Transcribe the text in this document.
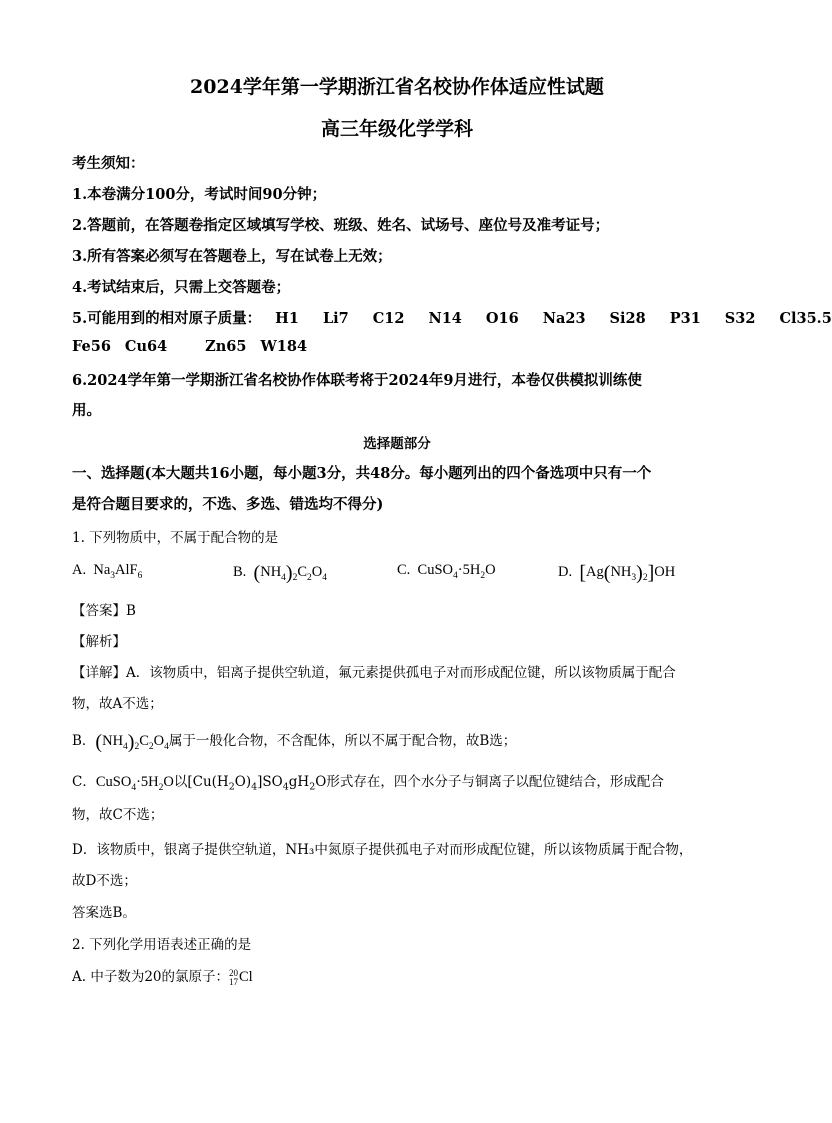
2024学年第一学期浙江省名校协作体适应性试题
高三年级化学学科
考生须知：
1.本卷满分100分，考试时间90分钟；
2.答题前，在答题卷指定区域填写学校、班级、姓名、试场号、座位号及准考证号；
3.所有答案必须写在答题卷上，写在试卷上无效；
4.考试结束后，只需上交答题卷；
5.可能用到的相对原子质量： H1 Li7 C12 N14 O16 Na23 Si28 P31 S32 Cl35.5
Fe56 Cu64	Zn65 W184
6.2024学年第一学期浙江省名校协作体联考将于2024年9月进行，本卷仅供模拟训练使
用。
选择题部分
一、选择题(本大题共16小题，每小题3分，共48分。每小题列出的四个备选项中只有一个
是符合题目要求的，不选、多选、错选均不得分)
1. 下列物质中，不属于配合物的是
A. $Na_3AlF_6$	B. $(NH_4)_2C_2O_4$	C. $CuSO_4\cdot 5H_2O$	D. $[Ag(NH_3)_2]OH$
【答案】B
【解析】
【详解】A．该物质中，铝离子提供空轨道，氟元素提供孤电子对而形成配位键，所以该物质属于配合
物，故A不选；
B．$(NH_4)_2C_2O_4$属于一般化合物，不含配体，所以不属于配合物，故B选；
C．$CuSO_4\cdot 5H_2O$以$[Cu(H_2O)_4]SO_4gH_2O$形式存在，四个水分子与铜离子以配位键结合，形成配合
物，故C不选；
D．该物质中，银离子提供空轨道，NH₃中氮原子提供孤电子对而形成配位键，所以该物质属于配合物，
故D不选；
答案选B。
2. 下列化学用语表述正确的是
A. 中子数为20的氯原子： 20
17 Cl
